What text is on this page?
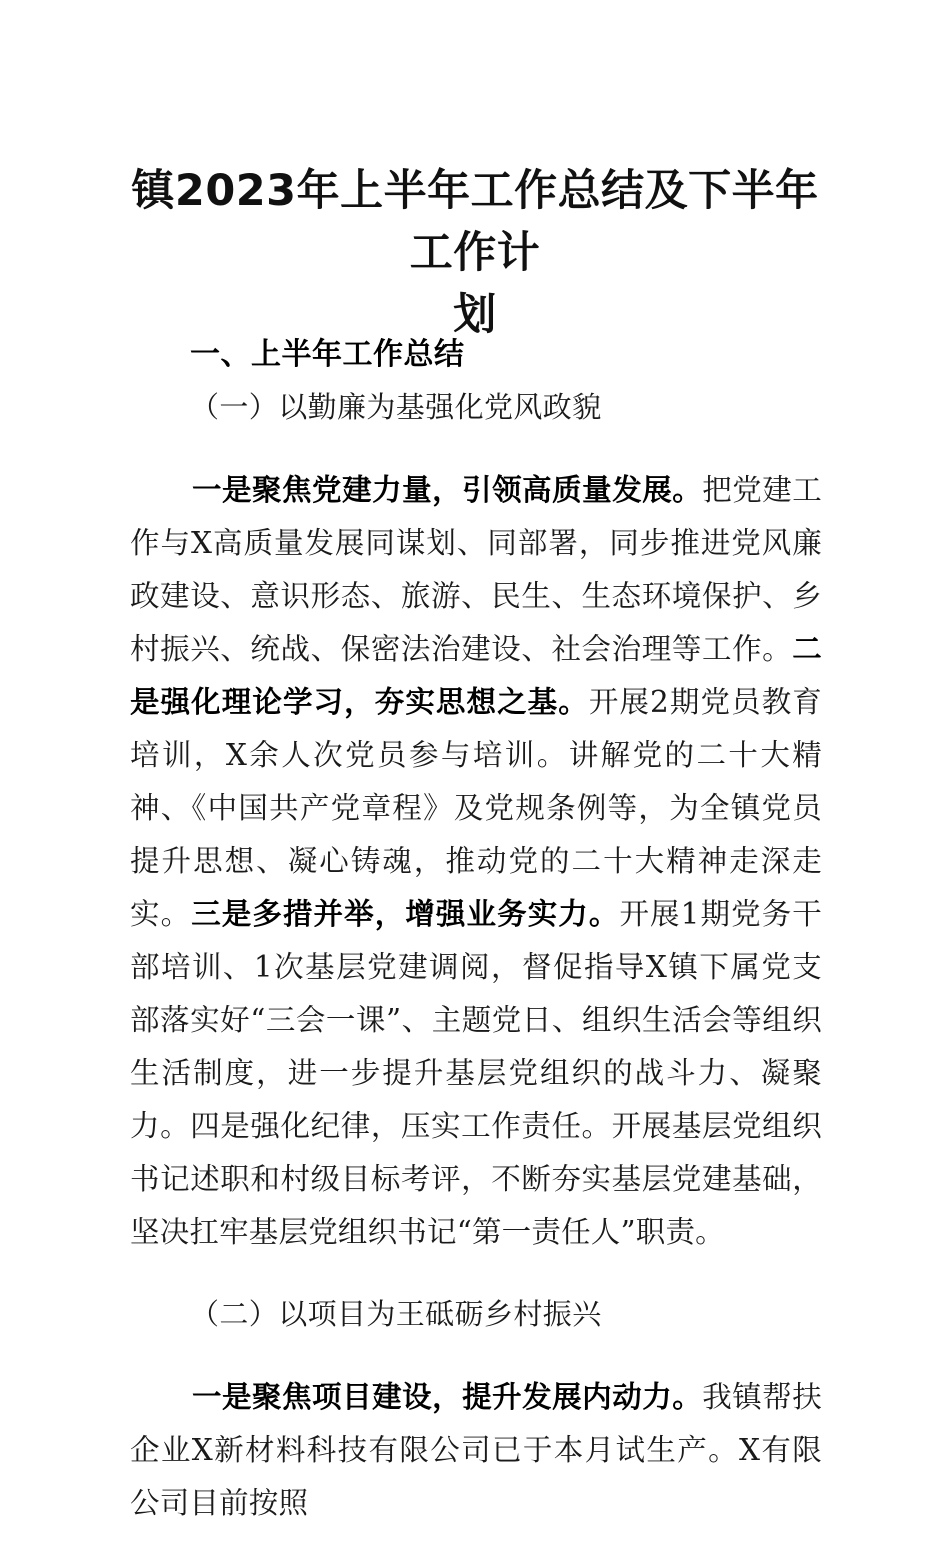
镇2023年上半年工作总结及下半年工作计
划
一、上半年工作总结
（一）以勤廉为基强化党风政貌

一是聚焦党建力量，引领高质量发展。把党建工作与X高质量发展同谋划、同部署，同步推进党风廉政建设、意识形态、旅游、民生、生态环境保护、乡村振兴、统战、保密法治建设、社会治理等工作。二是强化理论学习，夯实思想之基。开展2期党员教育培训，X余人次党员参与培训。讲解党的二十大精神、《中国共产党章程》及党规条例等，为全镇党员提升思想、凝心铸魂，推动党的二十大精神走深走实。三是多措并举，增强业务实力。开展1期党务干部培训、1次基层党建调阅，督促指导X镇下属党支部落实好“三会一课”、主题党日、组织生活会等组织生活制度，进一步提升基层党组织的战斗力、凝聚力。四是强化纪律，压实工作责任。开展基层党组织书记述职和村级目标考评，不断夯实基层党建基础，坚决扛牢基层党组织书记“第一责任人”职责。

（二）以项目为王砥砺乡村振兴

一是聚焦项目建设，提升发展内动力。我镇帮扶企业X新材料科技有限公司已于本月试生产。X有限公司目前按照
